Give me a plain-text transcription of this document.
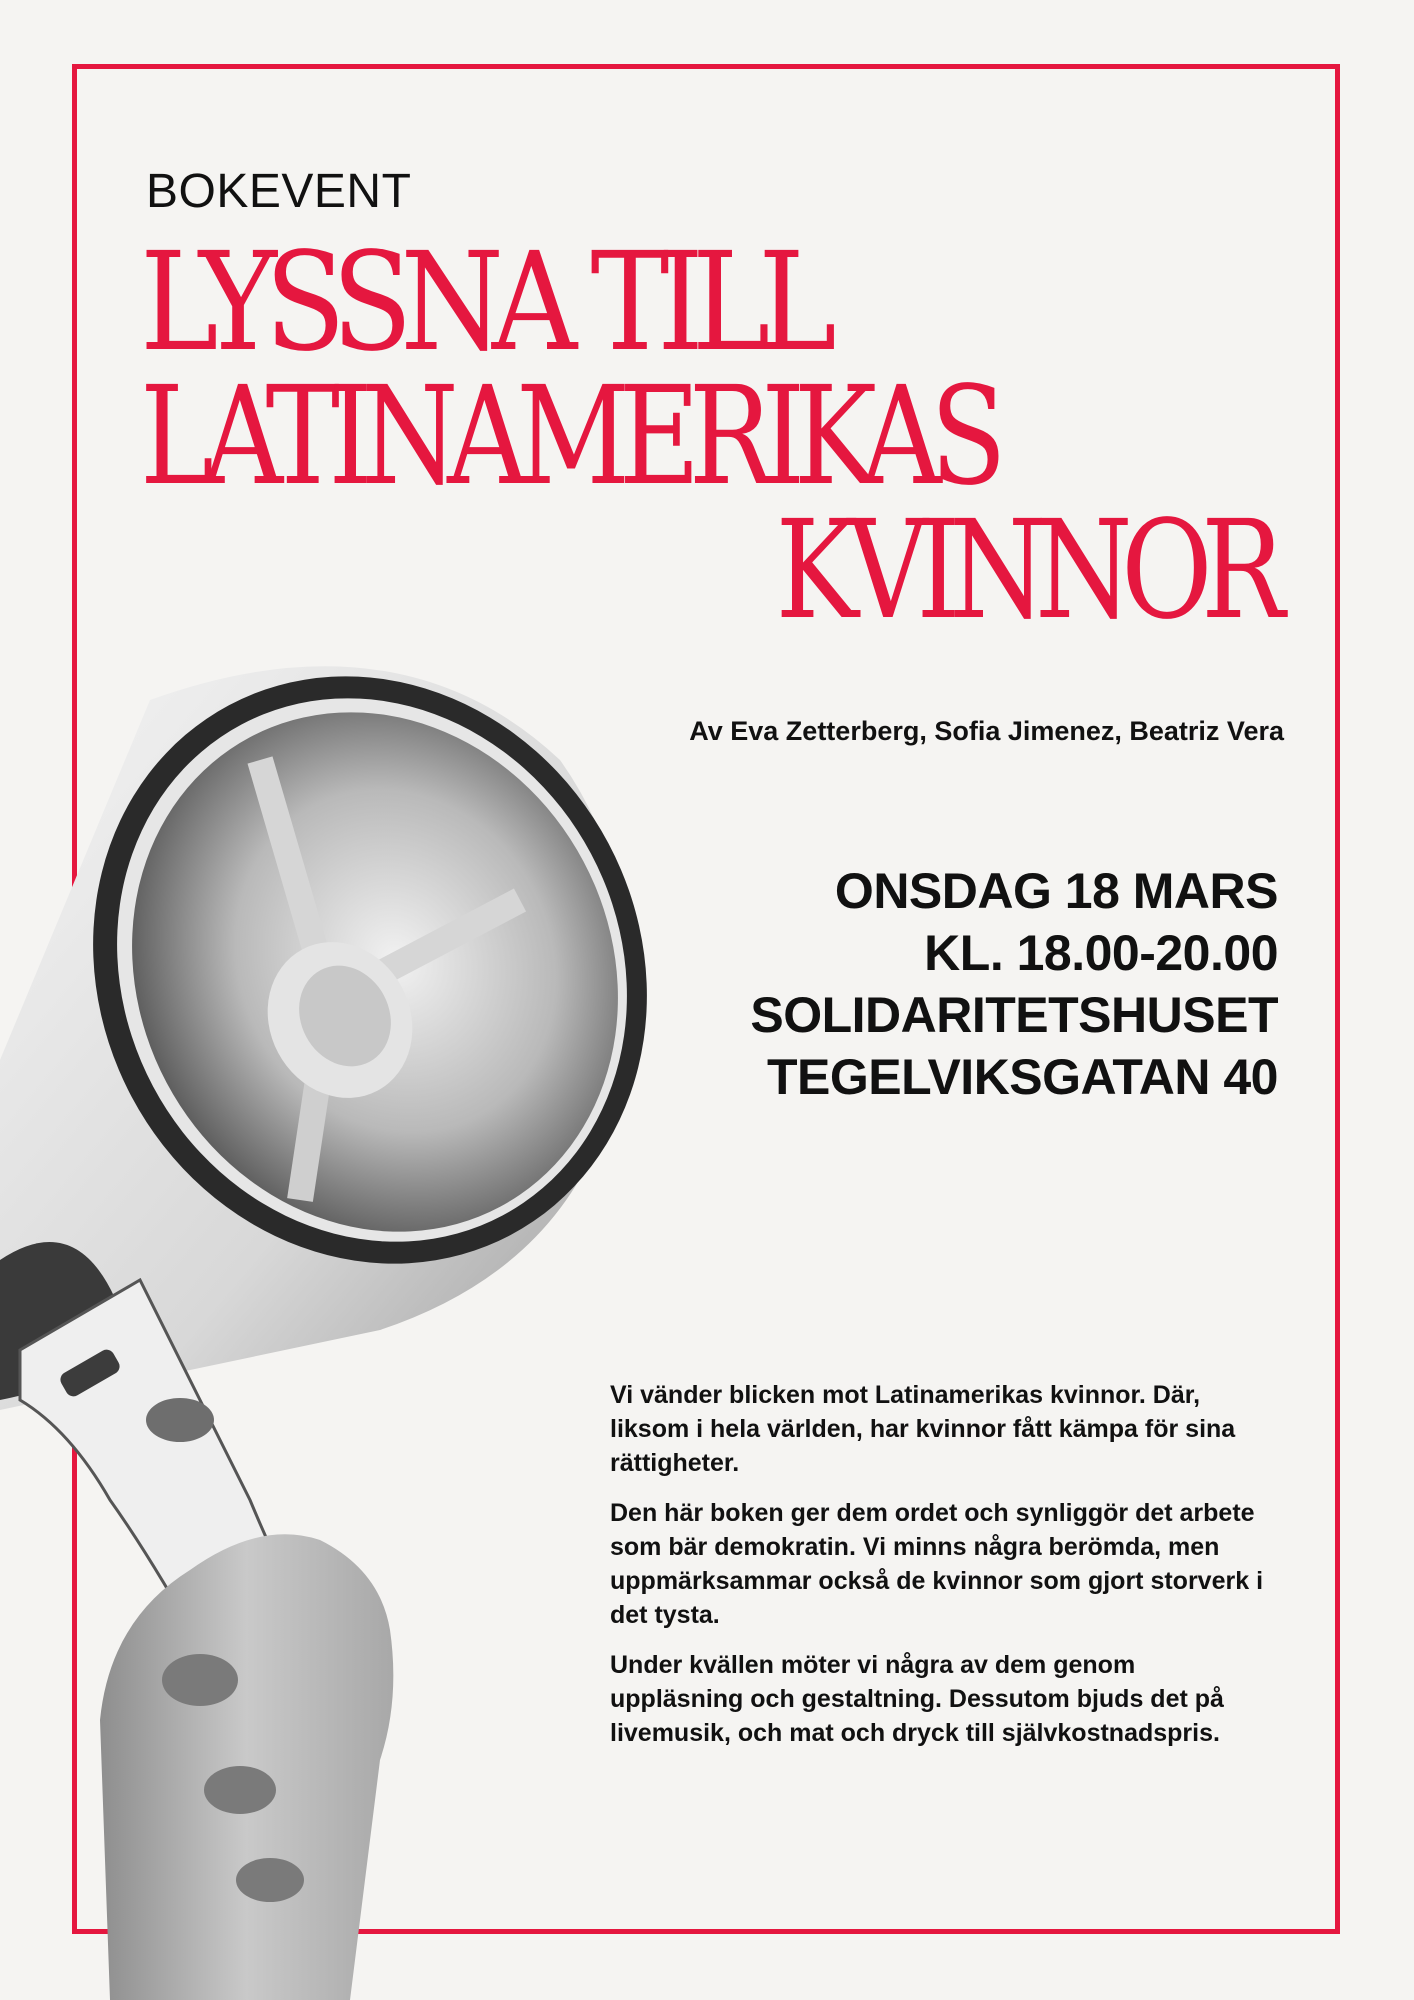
BOKEVENT

LYSSNA TILL
LATINAMERIKAS
KVINNOR

Av Eva Zetterberg, Sofia Jimenez, Beatriz Vera

ONSDAG 18 MARS
KL. 18.00-20.00
SOLIDARITETSHUSET
TEGELVIKSGATAN 40

Vi vänder blicken mot Latinamerikas kvinnor. Där, liksom i hela världen, har kvinnor fått kämpa för sina rättigheter.

Den här boken ger dem ordet och synliggör det arbete som bär demokratin. Vi minns några berömda, men uppmärksammar också de kvinnor som gjort storverk i det tysta.

Under kvällen möter vi några av dem genom uppläsning och gestaltning. Dessutom bjuds det på livemusik, och mat och dryck till självkostnadspris.
